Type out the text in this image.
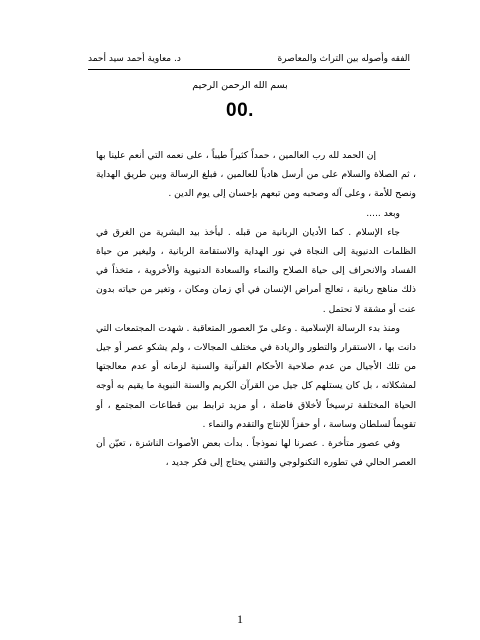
الفقه وأصوله بين التراث والمعاصرة
د. معاوية أحمد سيد أحمد
بسم الله الرحمن الرحيم
00.

إن الحمد لله رب العالمين ، حمداً كثيراً طيباً ، على نعمه التي أنعم علينا بها ، ثم الصلاة والسلام على من أرسل هادياً للعالمين ، فبلغ الرسالة وبين طريق الهداية ونصح للأمة ، وعلى آله وصحبه ومن تبعهم بإحسان إلى يوم الدين .

وبعد .....

جاء الإسلام . كما الأديان الربانية من قبله . ليأخذ بيد البشرية من الغرق في الظلمات الدنيوية إلى النجاة في نور الهداية والاستقامة الربانية ، وليغير من حياة الفساد والانحراف إلى حياة الصلاح والنماء والسعادة الدنيوية والأخروية ، متخذاً في ذلك مناهج ربانية ، تعالج أمراض الإنسان في أي زمان ومكان ، وتغير من حياته بدون عنت أو مشقة لا تحتمل .

ومنذ بدء الرسالة الإسلامية . وعلى مرّ العصور المتعاقبة . شهدت المجتمعات التي دانت بها ، الاستقرار والتطور والريادة في مختلف المجالات ، ولم يشكو عصر أو جيل من تلك الأجيال من عدم صلاحية الأحكام القرآنية والسنية لزمانه أو عدم معالجتها لمشكلاته ، بل كان يستلهم كل جيل من القرآن الكريم والسنة النبوية ما يقيم به أوجه الحياة المختلفة ترسيخاً لأخلاق فاضلة ، أو مزيد ترابط بين قطاعات المجتمع ، أو تقويماً لسلطان وساسة ، أو حفزاً للإنتاج والتقدم والنماء .

وفي عصور متأخرة . عصرنا لها نموذجاً . بدأت بعض الأصوات الناشزة ، تعيّن أن العصر الحالي في تطوره التكنولوجي والتقني يحتاج إلى فكر جديد ،

1
